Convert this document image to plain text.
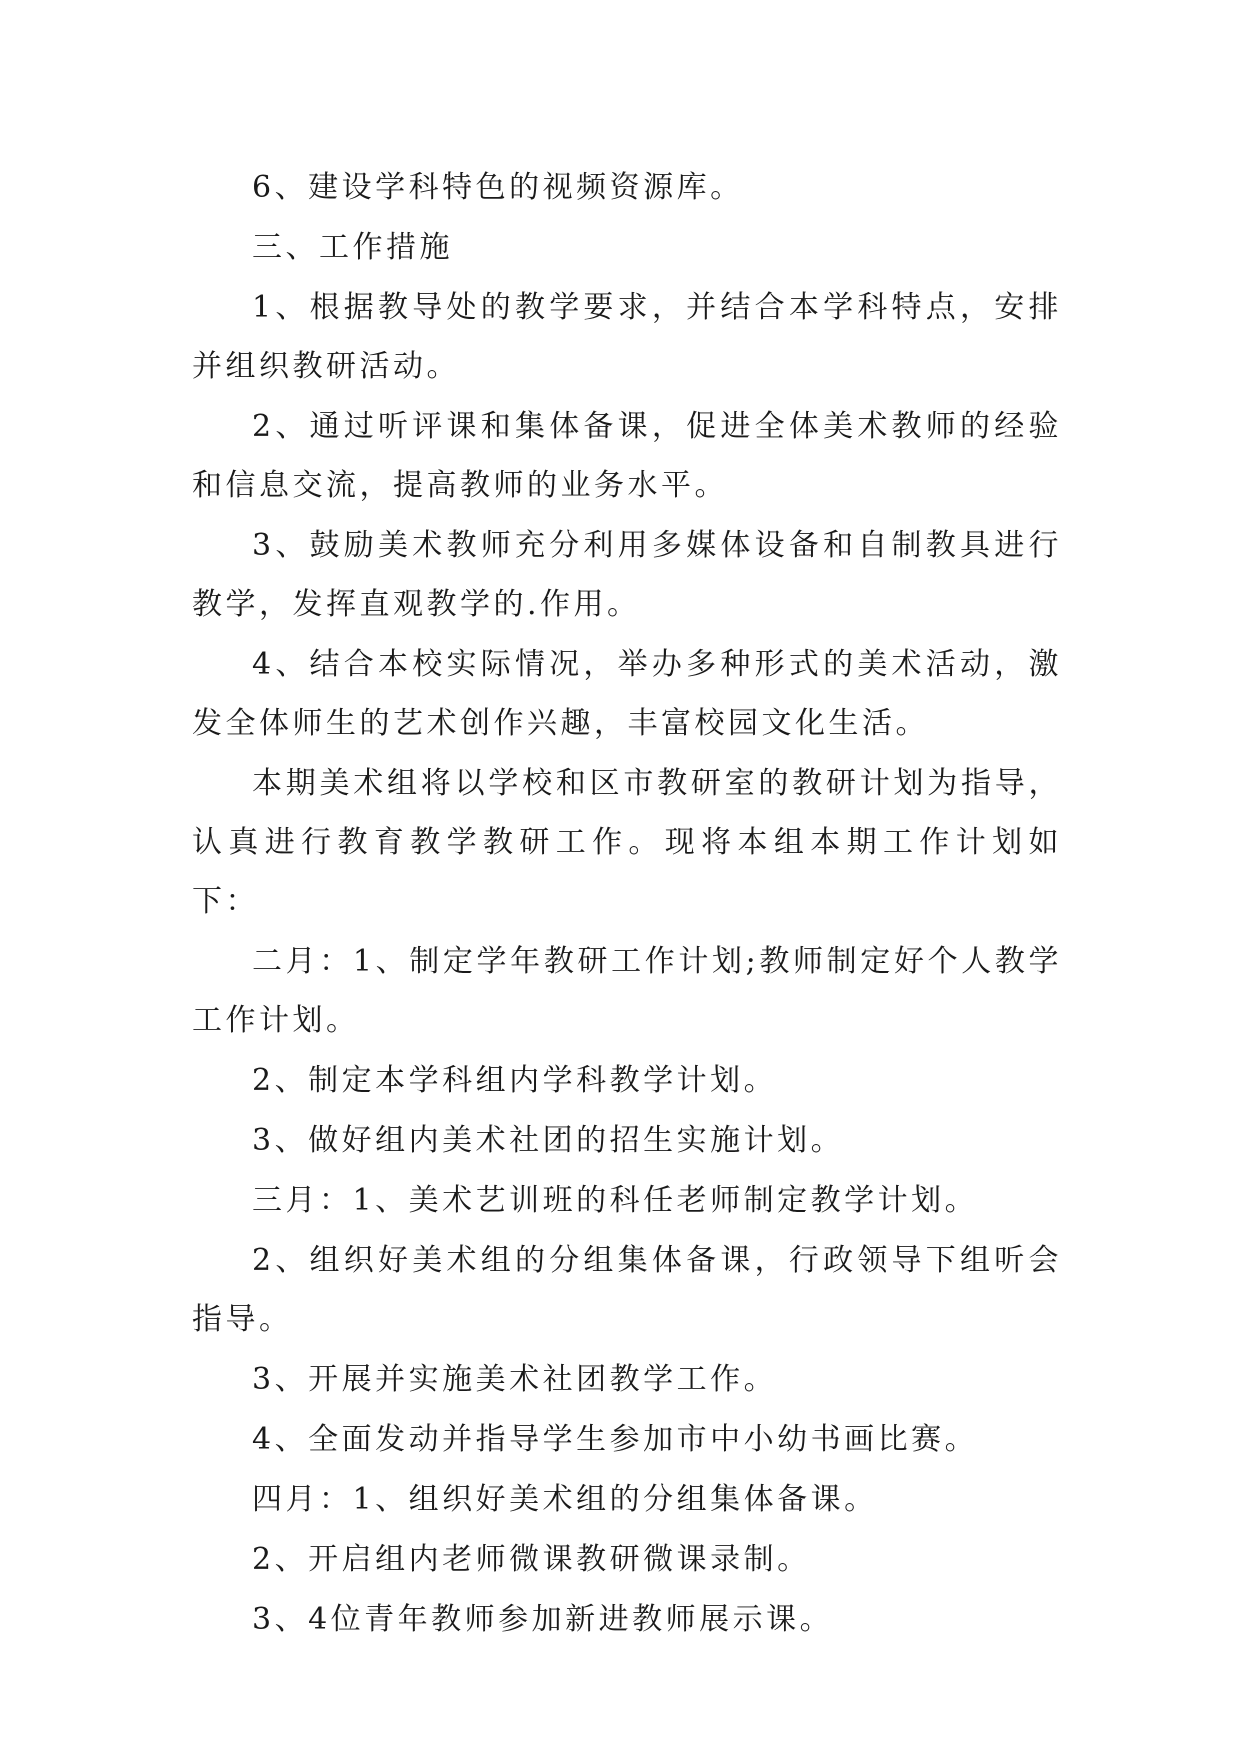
6、建设学科特色的视频资源库。

三、工作措施

1、根据教导处的教学要求，并结合本学科特点，安排并组织教研活动。

2、通过听评课和集体备课，促进全体美术教师的经验和信息交流，提高教师的业务水平。

3、鼓励美术教师充分利用多媒体设备和自制教具进行教学，发挥直观教学的.作用。

4、结合本校实际情况，举办多种形式的美术活动，激发全体师生的艺术创作兴趣，丰富校园文化生活。

本期美术组将以学校和区市教研室的教研计划为指导，认真进行教育教学教研工作。现将本组本期工作计划如下：

二月：1、制定学年教研工作计划;教师制定好个人教学工作计划。

2、制定本学科组内学科教学计划。

3、做好组内美术社团的招生实施计划。

三月：1、美术艺训班的科任老师制定教学计划。

2、组织好美术组的分组集体备课，行政领导下组听会指导。

3、开展并实施美术社团教学工作。

4、全面发动并指导学生参加市中小幼书画比赛。

四月：1、组织好美术组的分组集体备课。

2、开启组内老师微课教研微课录制。

3、4位青年教师参加新进教师展示课。
